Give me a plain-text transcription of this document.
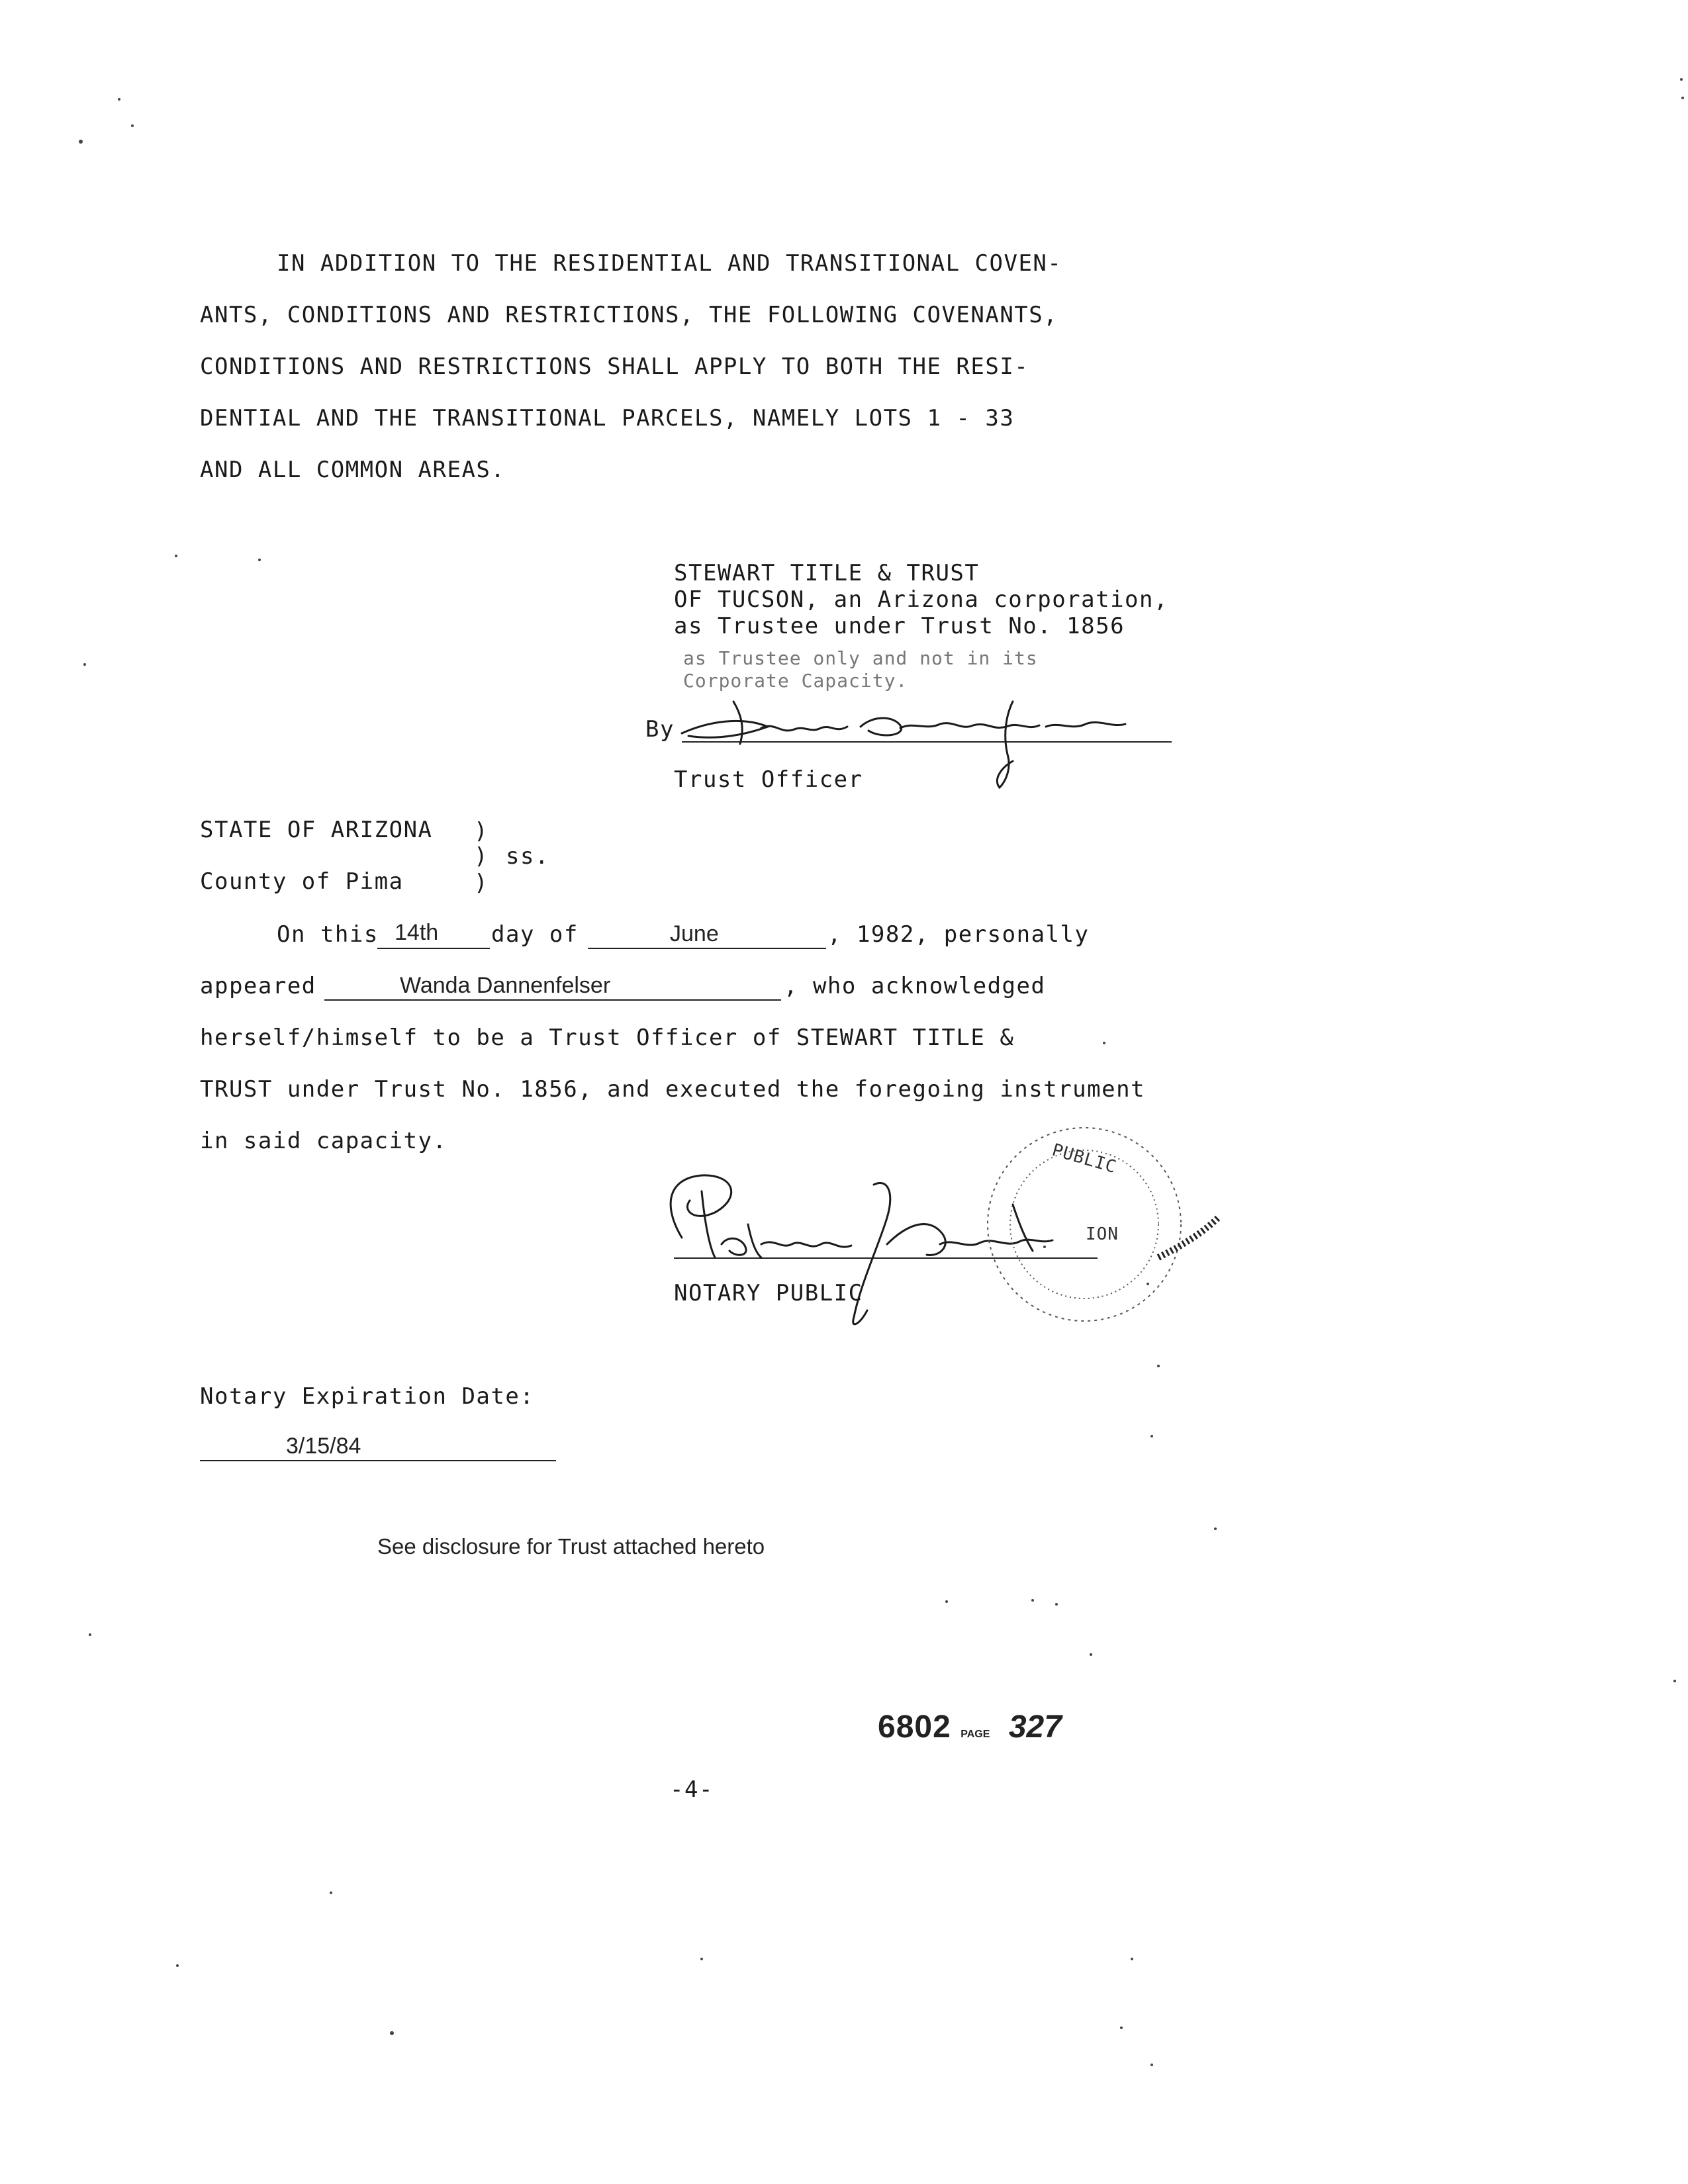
IN ADDITION TO THE RESIDENTIAL AND TRANSITIONAL COVEN-
ANTS, CONDITIONS AND RESTRICTIONS, THE FOLLOWING COVENANTS,
CONDITIONS AND RESTRICTIONS SHALL APPLY TO BOTH THE RESI-
DENTIAL AND THE TRANSITIONAL PARCELS, NAMELY LOTS 1 - 33
AND ALL COMMON AREAS.
STEWART TITLE & TRUST
OF TUCSON, an Arizona corporation,
as Trustee under Trust No. 1856
as Trustee only and not in its
Corporate Capacity.
By
Trust Officer
STATE OF ARIZONA )
) ss.
County of Pima	)
On this 14th day of	June	, 1982, personally
appeared	Wanda Dannenfelser	, who acknowledged
herself/himself to be a Trust Officer of STEWART TITLE &
TRUST under Trust No. 1856, and executed the foregoing instrument
in said capacity.
NOTARY PUBLIC
Notary Expiration Date:
3/15/84
See disclosure for Trust attached hereto
6802 PAGE 327
-4-
PUBLIC
ION
